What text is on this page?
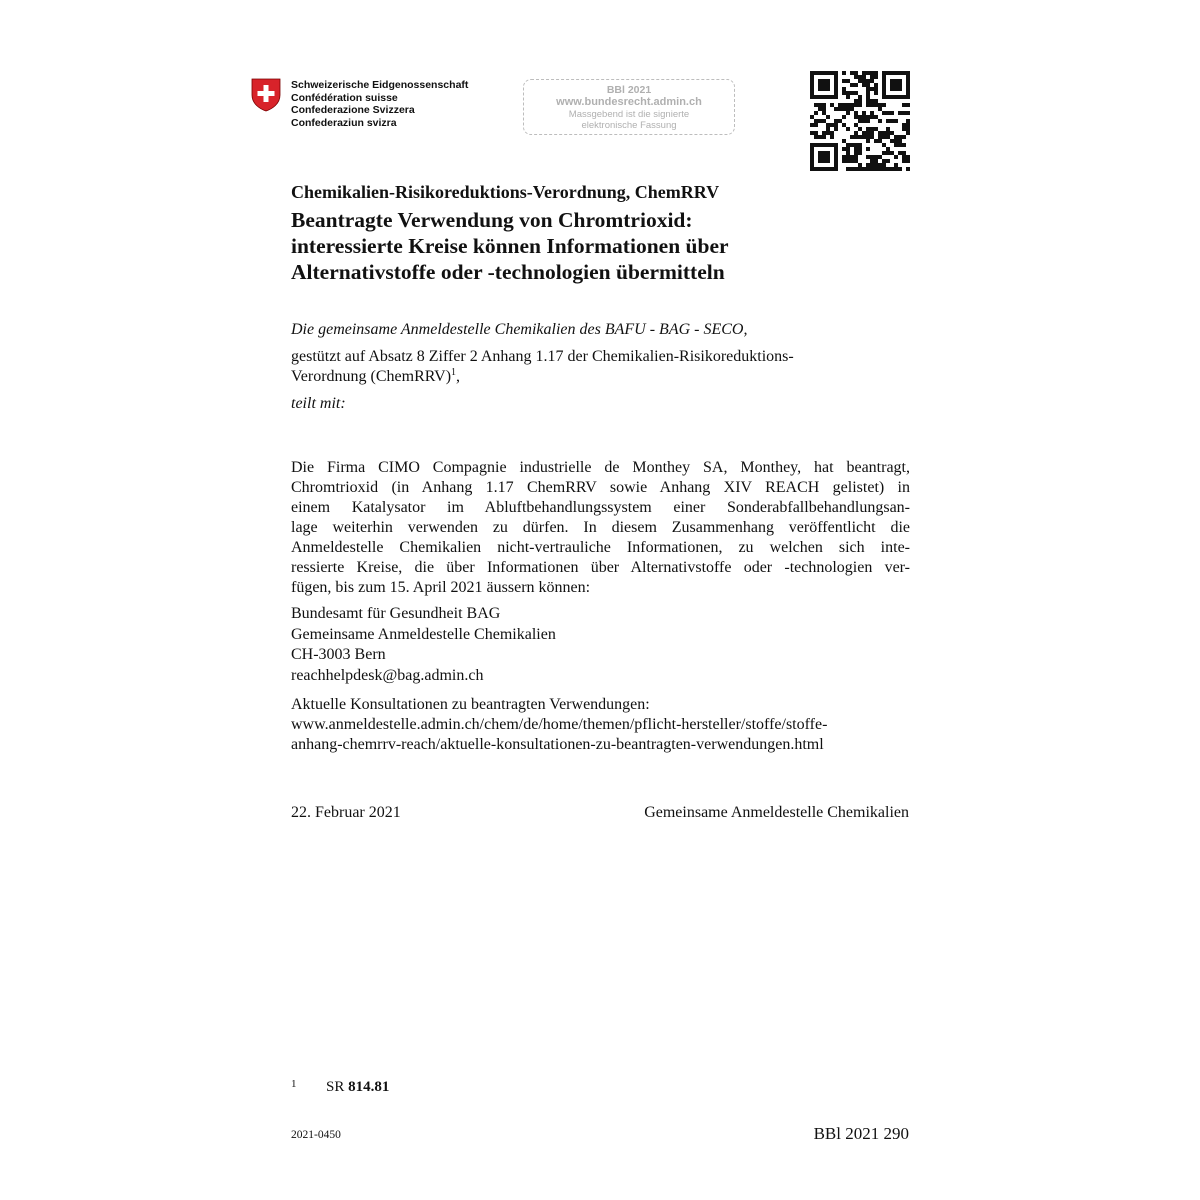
Schweizerische Eidgenossenschaft
Confédération suisse
Confederazione Svizzera
Confederaziun svizra
BBl 2021
www.bundesrecht.admin.ch
Massgebend ist die signierte
elektronische Fassung
Chemikalien-Risikoreduktions-Verordnung, ChemRRV
Beantragte Verwendung von Chromtrioxid:
interessierte Kreise können Informationen über
Alternativstoffe oder -technologien übermitteln
Die gemeinsame Anmeldestelle Chemikalien des BAFU - BAG - SECO,
gestützt auf Absatz 8 Ziffer 2 Anhang 1.17 der Chemikalien-Risikoreduktions-
Verordnung (ChemRRV)$^1$,
teilt mit:
Die Firma CIMO Compagnie industrielle de Monthey SA, Monthey, hat beantragt,
Chromtrioxid (in Anhang 1.17 ChemRRV sowie Anhang XIV REACH gelistet) in
einem Katalysator im Abluftbehandlungssystem einer Sonderabfallbehandlungsan-
lage weiterhin verwenden zu dürfen. In diesem Zusammenhang veröffentlicht die
Anmeldestelle Chemikalien nicht-vertrauliche Informationen, zu welchen sich inte-
ressierte Kreise, die über Informationen über Alternativstoffe oder -technologien ver-
fügen, bis zum 15. April 2021 äussern können:
Bundesamt für Gesundheit BAG
Gemeinsame Anmeldestelle Chemikalien
CH-3003 Bern
reachhelpdesk@bag.admin.ch
Aktuelle Konsultationen zu beantragten Verwendungen:
www.anmeldestelle.admin.ch/chem/de/home/themen/pflicht-hersteller/stoffe/stoffe-
anhang-chemrrv-reach/aktuelle-konsultationen-zu-beantragten-verwendungen.html
22. Februar 2021	Gemeinsame Anmeldestelle Chemikalien
1 SR 814.81
2021-0450	BBl 2021 290
